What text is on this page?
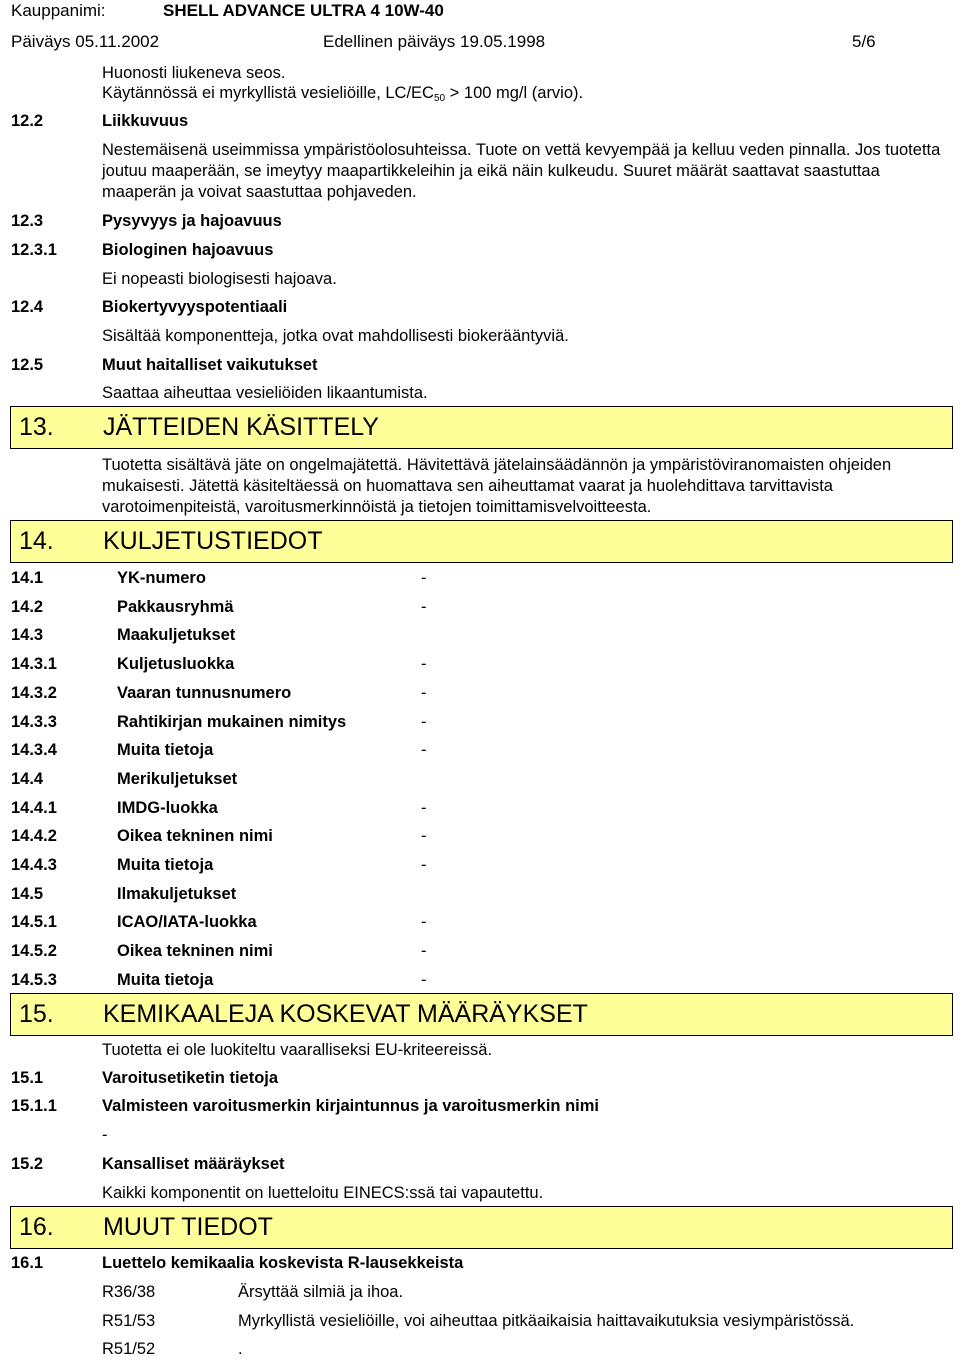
Kauppanimi:	SHELL ADVANCE ULTRA 4 10W-40
Päiväys 05.11.2002	Edellinen päiväys 19.05.1998	5/6
Huonosti liukeneva seos.
Käytännössä ei myrkyllistä vesieliöille, $LC/EC_{50} > 100$ mg/l (arvio).
12.2	Liikkuvuus
Nestemäisenä useimmissa ympäristöolosuhteissa. Tuote on vettä kevyempää ja kelluu veden pinnalla. Jos tuotetta joutuu maaperään, se imeytyy maapartikkeleihin ja eikä näin kulkeudu. Suuret määrät saattavat saastuttaa maaperän ja voivat saastuttaa pohjaveden.
12.3	Pysyvyys ja hajoavuus
12.3.1	Biologinen hajoavuus
Ei nopeasti biologisesti hajoava.
12.4	Biokertyvyyspotentiaali
Sisältää komponentteja, jotka ovat mahdollisesti biokerääntyviä.
12.5	Muut haitalliset vaikutukset
Saattaa aiheuttaa vesieliöiden likaantumista.
13. JÄTTEIDEN KÄSITTELY
Tuotetta sisältävä jäte on ongelmajätettä. Hävitettävä jätelainsäädännön ja ympäristöviranomaisten ohjeiden mukaisesti. Jätettä käsiteltäessä on huomattava sen aiheuttamat vaarat ja huolehdittava tarvittavista varotoimenpiteistä, varoitusmerkinnöistä ja tietojen toimittamisvelvoitteesta.
14. KULJETUSTIEDOT
14.1	YK-numero	-
14.2	Pakkausryhmä	-
14.3	Maakuljetukset
14.3.1	Kuljetusluokka	-
14.3.2	Vaaran tunnusnumero	-
14.3.3	Rahtikirjan mukainen nimitys	-
14.3.4	Muita tietoja	-
14.4	Merikuljetukset
14.4.1	IMDG-luokka	-
14.4.2	Oikea tekninen nimi	-
14.4.3	Muita tietoja	-
14.5	Ilmakuljetukset
14.5.1	ICAO/IATA-luokka	-
14.5.2	Oikea tekninen nimi	-
14.5.3	Muita tietoja	-
15. KEMIKAALEJA KOSKEVAT MÄÄRÄYKSET
Tuotetta ei ole luokiteltu vaaralliseksi EU-kriteereissä.
15.1	Varoitusetiketin tietoja
15.1.1	Valmisteen varoitusmerkin kirjaintunnus ja varoitusmerkin nimi
-
15.2	Kansalliset määräykset
Kaikki komponentit on luetteloitu EINECS:ssä tai vapautettu.
16. MUUT TIEDOT
16.1	Luettelo kemikaalia koskevista R-lausekkeista
R36/38	Ärsyttää silmiä ja ihoa.
R51/53	Myrkyllistä vesieliöille, voi aiheuttaa pitkäaikaisia haittavaikutuksia vesiympäristössä.
R51/52	.
